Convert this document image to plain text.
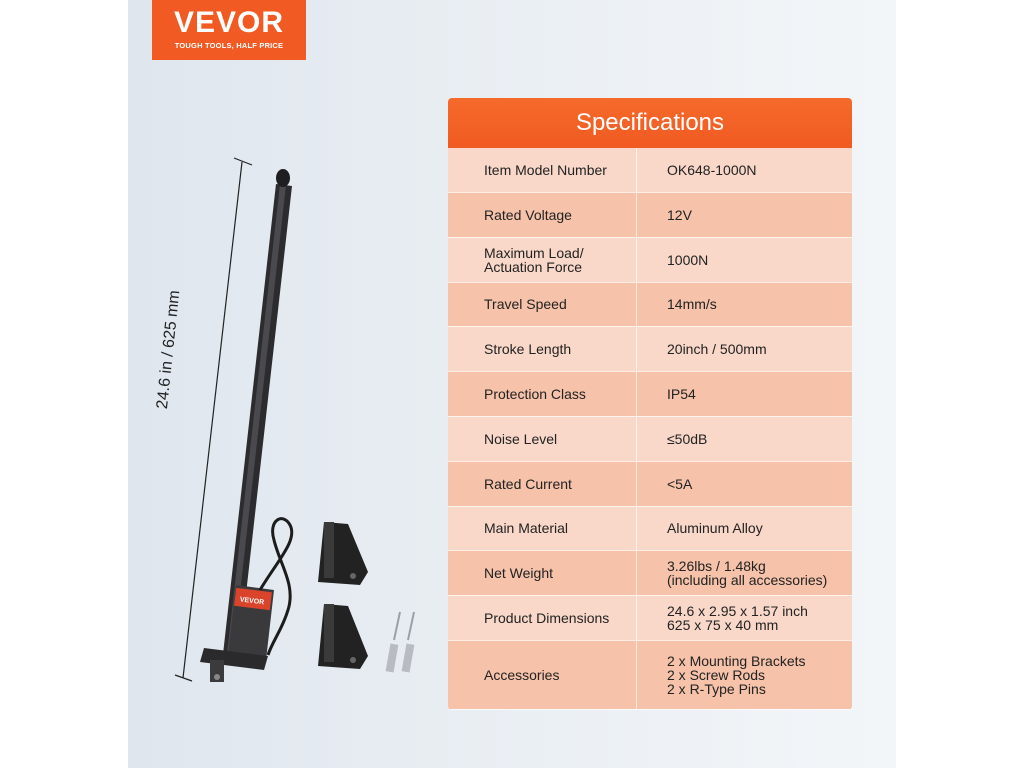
VEVOR
TOUGH TOOLS, HALF PRICE
VEVOR
24.6 in / 625 mm
Specifications
Item Model Number	OK648-1000N
Rated Voltage	12V
Maximum Load/
Actuation Force	1000N
Travel Speed	14mm/s
Stroke Length	20inch / 500mm
Protection Class	IP54
Noise Level	≤50dB
Rated Current	<5A
Main Material	Aluminum Alloy
Net Weight	3.26lbs / 1.48kg
(including all accessories)
Product Dimensions	24.6 x 2.95 x 1.57 inch
625 x 75 x 40 mm
Accessories	2 x Mounting Brackets
2 x Screw Rods
2 x R-Type Pins
